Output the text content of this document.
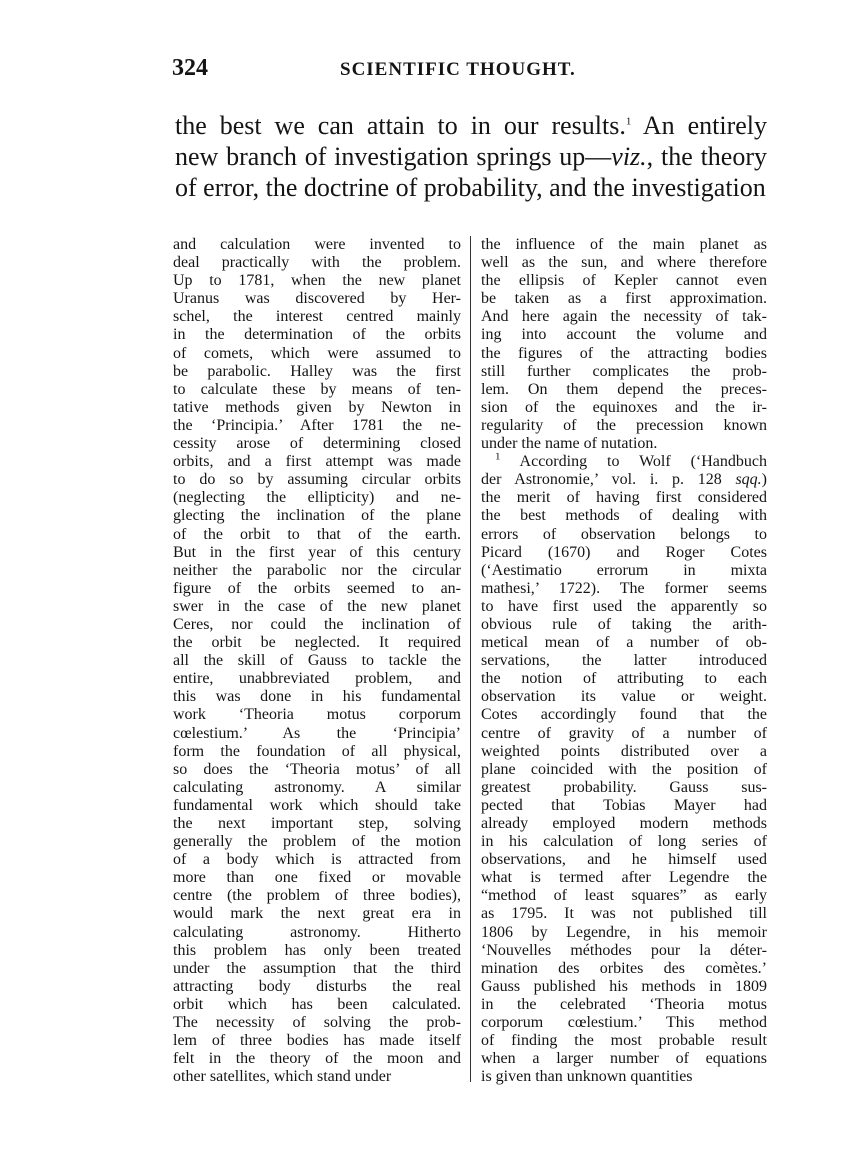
324	SCIENTIFIC THOUGHT.
the best we can attain to in our results.$^1$ An entirely
new branch of investigation springs up—viz., the theory
of error, the doctrine of probability, and the investigation
and calculation were invented to
deal practically with the problem.
Up to 1781, when the new planet
Uranus was discovered by Her-
schel, the interest centred mainly
in the determination of the orbits
of comets, which were assumed to
be parabolic. Halley was the first
to calculate these by means of ten-
tative methods given by Newton in
the ‘Principia.’ After 1781 the ne-
cessity arose of determining closed
orbits, and a first attempt was made
to do so by assuming circular orbits
(neglecting the ellipticity) and ne-
glecting the inclination of the plane
of the orbit to that of the earth.
But in the first year of this century
neither the parabolic nor the circular
figure of the orbits seemed to an-
swer in the case of the new planet
Ceres, nor could the inclination of
the orbit be neglected. It required
all the skill of Gauss to tackle the
entire, unabbreviated problem, and
this was done in his fundamental
work ‘Theoria motus corporum
cœlestium.’ As the ‘Principia’
form the foundation of all physical,
so does the ‘Theoria motus’ of all
calculating astronomy. A similar
fundamental work which should take
the next important step, solving
generally the problem of the motion
of a body which is attracted from
more than one fixed or movable
centre (the problem of three bodies),
would mark the next great era in
calculating astronomy. Hitherto
this problem has only been treated
under the assumption that the third
attracting body disturbs the real
orbit which has been calculated.
The necessity of solving the prob-
lem of three bodies has made itself
felt in the theory of the moon and
other satellites, which stand under
the influence of the main planet as
well as the sun, and where therefore
the ellipsis of Kepler cannot even
be taken as a first approximation.
And here again the necessity of tak-
ing into account the volume and
the figures of the attracting bodies
still further complicates the prob-
lem. On them depend the preces-
sion of the equinoxes and the ir-
regularity of the precession known
under the name of nutation.
$^1$ According to Wolf (‘Handbuch
der Astronomie,’ vol. i. p. 128 sqq.)
the merit of having first considered
the best methods of dealing with
errors of observation belongs to
Picard (1670) and Roger Cotes
(‘Aestimatio errorum in mixta
mathesi,’ 1722). The former seems
to have first used the apparently so
obvious rule of taking the arith-
metical mean of a number of ob-
servations, the latter introduced
the notion of attributing to each
observation its value or weight.
Cotes accordingly found that the
centre of gravity of a number of
weighted points distributed over a
plane coincided with the position of
greatest probability. Gauss sus-
pected that Tobias Mayer had
already employed modern methods
in his calculation of long series of
observations, and he himself used
what is termed after Legendre the
“method of least squares” as early
as 1795. It was not published till
1806 by Legendre, in his memoir
‘Nouvelles méthodes pour la déter-
mination des orbites des comètes.’
Gauss published his methods in 1809
in the celebrated ‘Theoria motus
corporum cœlestium.’ This method
of finding the most probable result
when a larger number of equations
is given than unknown quantities
